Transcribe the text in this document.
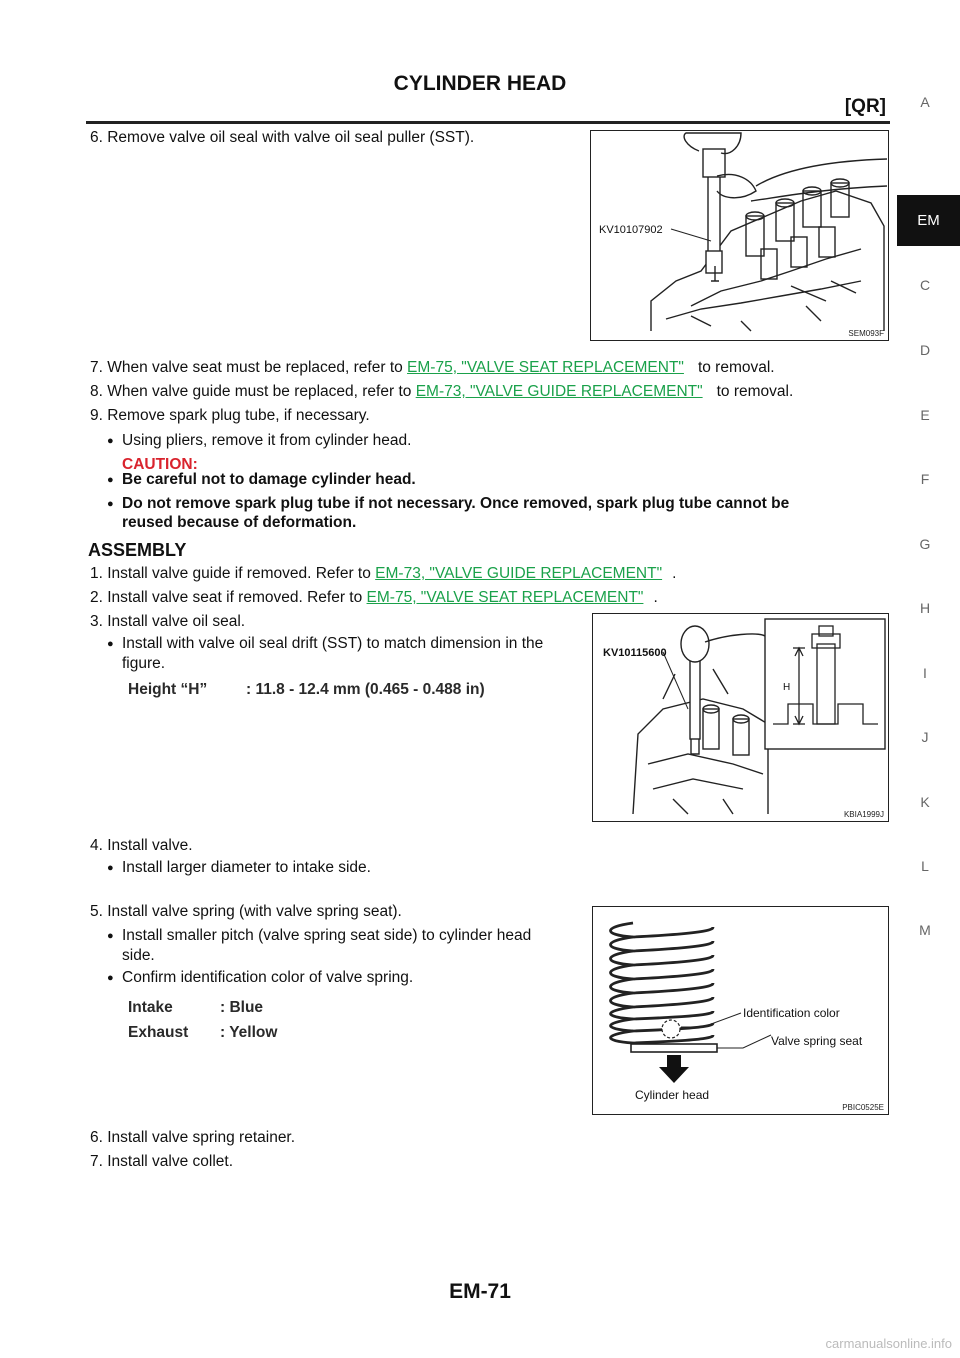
CYLINDER HEAD
[QR]	A
EM
C
D
E
F
G
H
I
J
K
L
M
6. Remove valve oil seal with valve oil seal puller (SST).
KV10107902
SEM093F
7. When valve seat must be replaced, refer to EM-75, "VALVE SEAT REPLACEMENT" to removal.
8. When valve guide must be replaced, refer to EM-73, "VALVE GUIDE REPLACEMENT" to removal.
9. Remove spark plug tube, if necessary.
● Using pliers, remove it from cylinder head.
CAUTION:
● Be careful not to damage cylinder head.
● Do not remove spark plug tube if not necessary. Once removed, spark plug tube cannot be
reused because of deformation.
ASSEMBLY
1. Install valve guide if removed. Refer to EM-73, "VALVE GUIDE REPLACEMENT" .
2. Install valve seat if removed. Refer to EM-75, "VALVE SEAT REPLACEMENT" .
3. Install valve oil seal.
● Install with valve oil seal drift (SST) to match dimension in the
figure.
Height “H”	: 11.8 - 12.4 mm (0.465 - 0.488 in)	H
KV10115600
KBIA1999J
4. Install valve.
● Install larger diameter to intake side.
5. Install valve spring (with valve spring seat).
● Install smaller pitch (valve spring seat side) to cylinder head
side.
● Confirm identification color of valve spring.
Intake	: Blue
Exhaust : Yellow
Identification color
Valve spring seat
Cylinder head
PBIC0525E
6. Install valve spring retainer.
7. Install valve collet.
EM-71
carmanualsonline.info
